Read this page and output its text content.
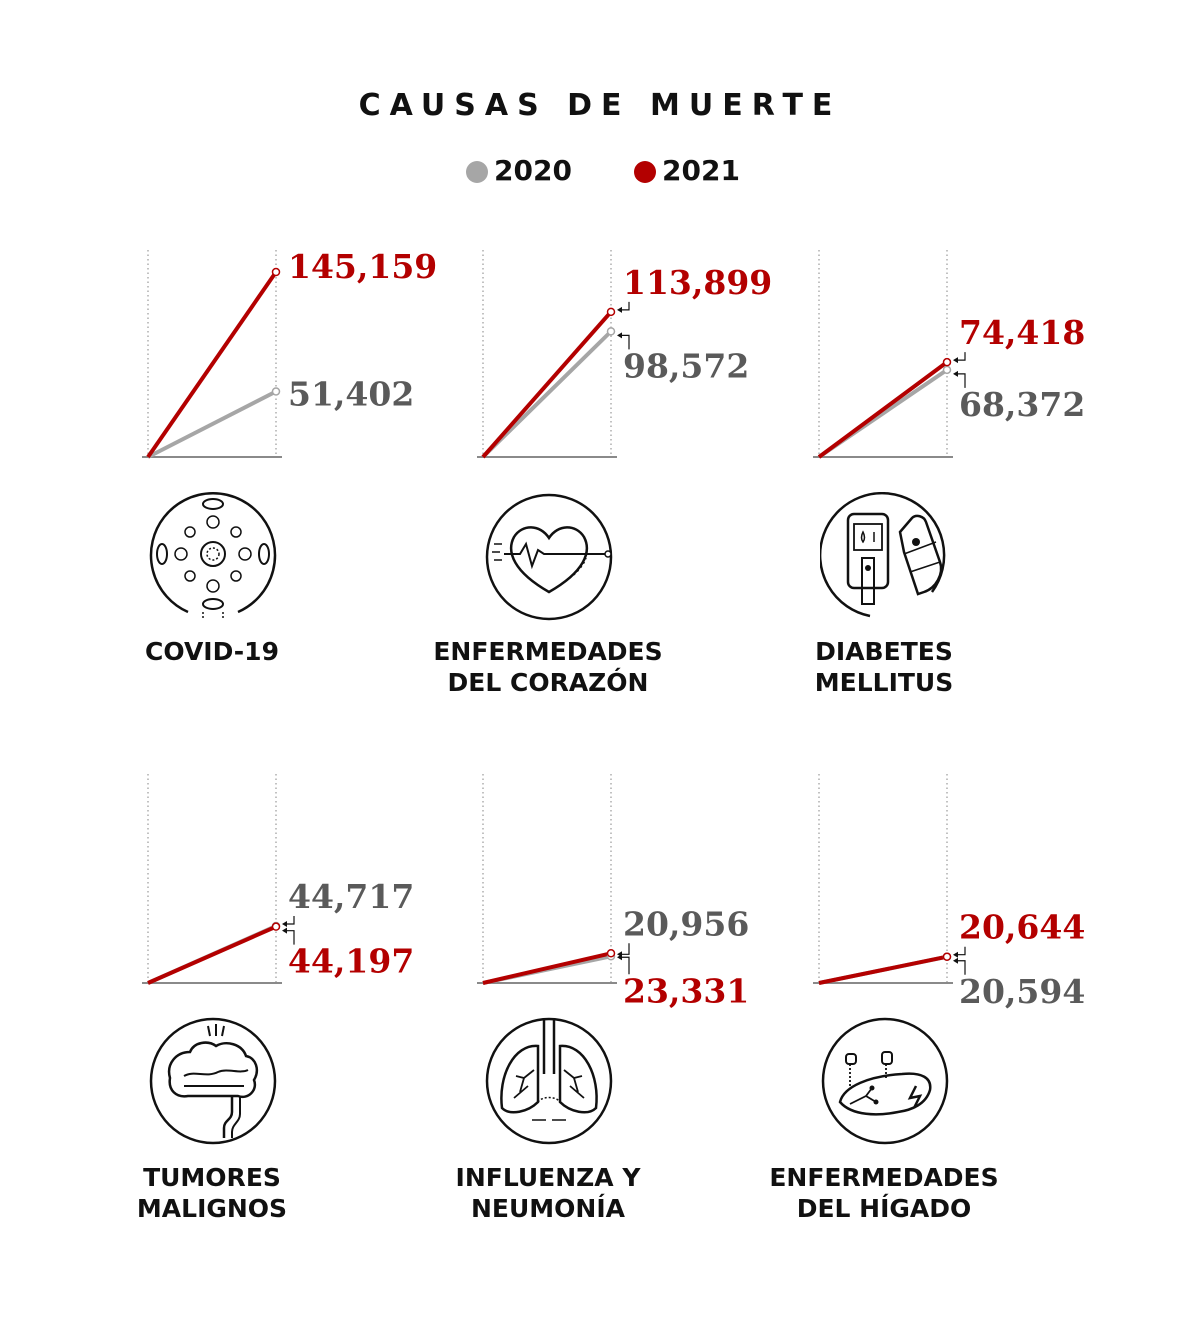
CAUSAS DE MUERTE
2020	2021
145,159
51,402
113,899
98,572
74,418
68,372
44,717
44,197
20,956
23,331
20,644
20,594
COVID-19	ENFERMEDADES
DEL CORAZÓN
DIABETES
MELLITUS
TUMORES
MALIGNOS
INFLUENZA Y
NEUMONÍA
ENFERMEDADES
DEL HÍGADO
